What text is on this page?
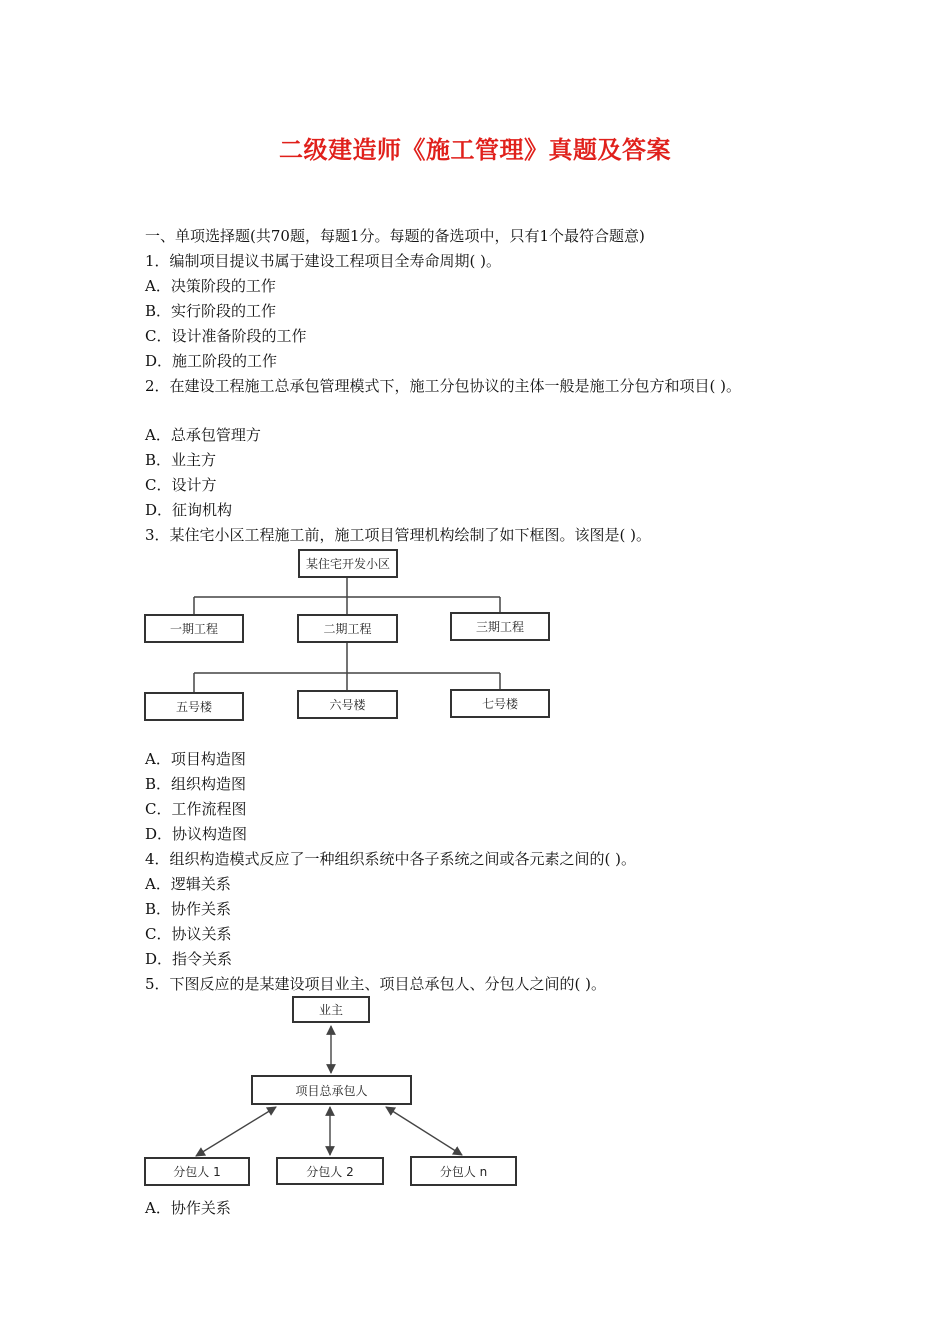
二级建造师《施工管理》真题及答案
一、单项选择题(共70题，每题1分。每题的备选项中，只有1个最符合题意)
1．编制项目提议书属于建设工程项目全寿命周期( )。
A．决策阶段的工作
B．实行阶段的工作
C．设计准备阶段的工作
D．施工阶段的工作
2．在建设工程施工总承包管理模式下，施工分包协议的主体一般是施工分包方和项目( )。
A．总承包管理方
B．业主方
C．设计方
D．征询机构
3．某住宅小区工程施工前，施工项目管理机构绘制了如下框图。该图是( )。
某住宅开发小区
一期工程	二期工程	三期工程
五号楼	六号楼	七号楼
A．项目构造图
B．组织构造图
C．工作流程图
D．协议构造图
4．组织构造模式反应了一种组织系统中各子系统之间或各元素之间的( )。
A．逻辑关系
B．协作关系
C．协议关系
D．指令关系
5．下图反应的是某建设项目业主、项目总承包人、分包人之间的( )。
业主
项目总承包人
分包人 1	分包人 2	分包人 n
A．协作关系
